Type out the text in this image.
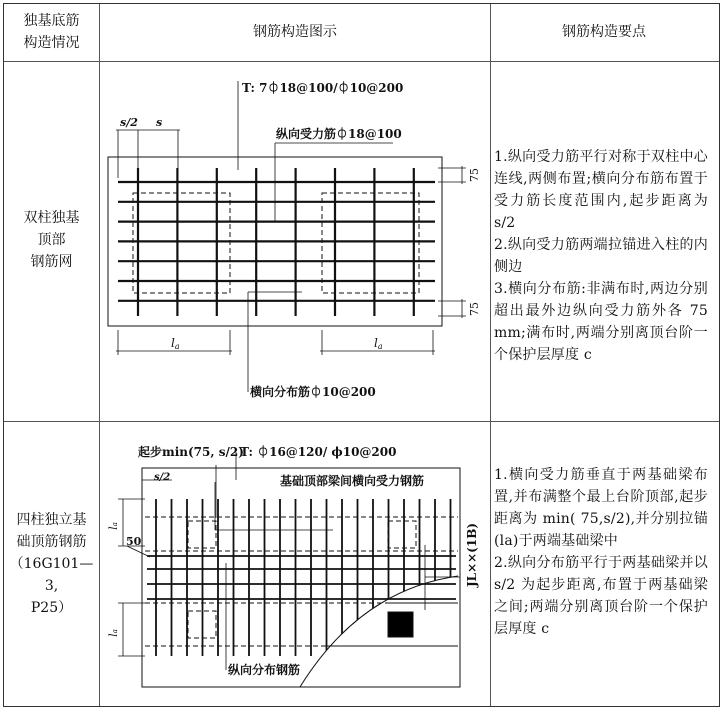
独基底筋
构造情况
钢筋构造图示	钢筋构造要点
双柱独基
顶部
钢筋网
四柱独立基
础顶筋钢筋
（16G101—3,
P25）

1.纵向受力筋平行对称于双柱中心连线,两侧布置;横向分布筋布置于受力筋长度范围内,起步距离为 s/2

2.纵向受力筋两端拉锚进入柱的内侧边

3.横向分布筋:非满布时,两边分别超出最外边纵向受力筋外各 75 mm;满布时,两端分别离顶台阶一个保护层厚度 c

1.横向受力筋垂直于两基础梁布置,并布满整个最上台阶顶部,起步距离为 min( 75,s/2),并分别拉锚(la)于两端基础梁中

2.纵向分布筋平行于两基础梁并以 s/2 为起步距离,布置于两基础梁之间;两端分别离顶台阶一个保护层厚度 c

T: 7⏀18@100/⏀10@200
纵向受力筋⏀18@100
横向分布筋⏀10@200
s/2 s
75
75
la	la
起步min(75, s/2)
T: ⏀16@120/ ϕ10@200
基础顶部梁间横向受力钢筋
纵向分布钢筋
JL××(1B)
s/2
50
la
la
